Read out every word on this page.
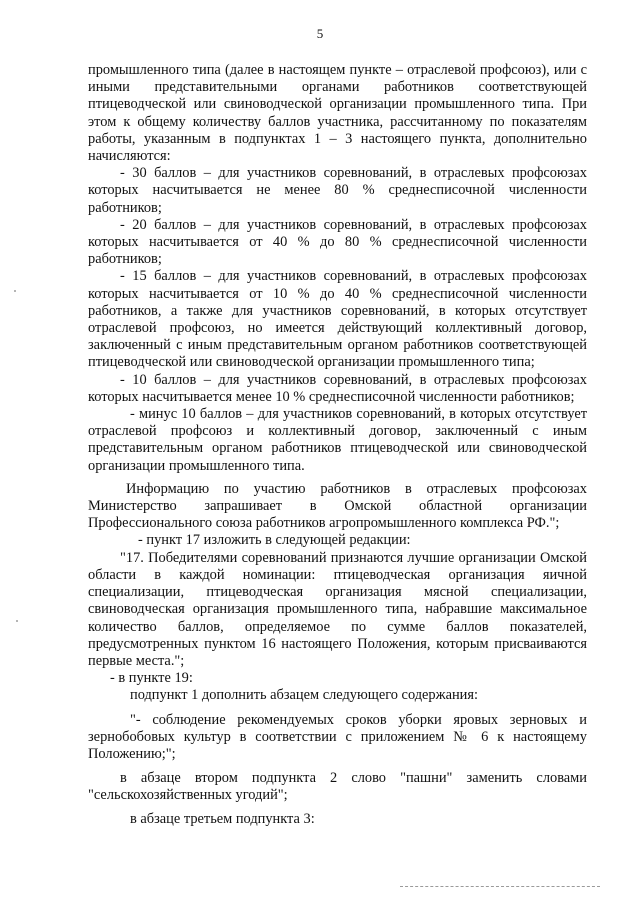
5

промышленного типа (далее в настоящем пункте – отраслевой профсоюз), или с иными представительными органами работников соответствующей птицеводческой или свиноводческой организации промышленного типа. При этом к общему количеству баллов участника, рассчитанному по показателям работы, указанным в подпунктах 1 – 3 настоящего пункта, дополнительно начисляются:

- 30 баллов – для участников соревнований, в отраслевых профсоюзах которых насчитывается не менее 80 % среднесписочной численности работников;

- 20 баллов – для участников соревнований, в отраслевых профсоюзах которых насчитывается от 40 % до 80 % среднесписочной численности работников;

- 15 баллов – для участников соревнований, в отраслевых профсоюзах которых насчитывается от 10 % до 40 % среднесписочной численности работников, а также для участников соревнований, в которых отсутствует отраслевой профсоюз, но имеется действующий коллективный договор, заключенный с иным представительным органом работников соответствующей птицеводческой или свиноводческой организации промышленного типа;

- 10 баллов – для участников соревнований, в отраслевых профсоюзах которых насчитывается менее 10 % среднесписочной численности работников;

- минус 10 баллов – для участников соревнований, в которых отсутствует отраслевой профсоюз и коллективный договор, заключенный с иным представительным органом работников птицеводческой или свиноводческой организации промышленного типа.

Информацию по участию работников в отраслевых профсоюзах Министерство запрашивает в Омской областной организации Профессионального союза работников агропромышленного комплекса РФ.";

- пункт 17 изложить в следующей редакции:

"17. Победителями соревнований признаются лучшие организации Омской области в каждой номинации: птицеводческая организация яичной специализации, птицеводческая организация мясной специализации, свиноводческая организация промышленного типа, набравшие максимальное количество баллов, определяемое по сумме баллов показателей, предусмотренных пунктом 16 настоящего Положения, которым присваиваются первые места.";

- в пункте 19:

подпункт 1 дополнить абзацем следующего содержания:

"- соблюдение рекомендуемых сроков уборки яровых зерновых и зернобобовых культур в соответствии с приложением № 6 к настоящему Положению;";

в абзаце втором подпункта 2 слово "пашни" заменить словами "сельскохозяйственных угодий";

в абзаце третьем подпункта 3:
